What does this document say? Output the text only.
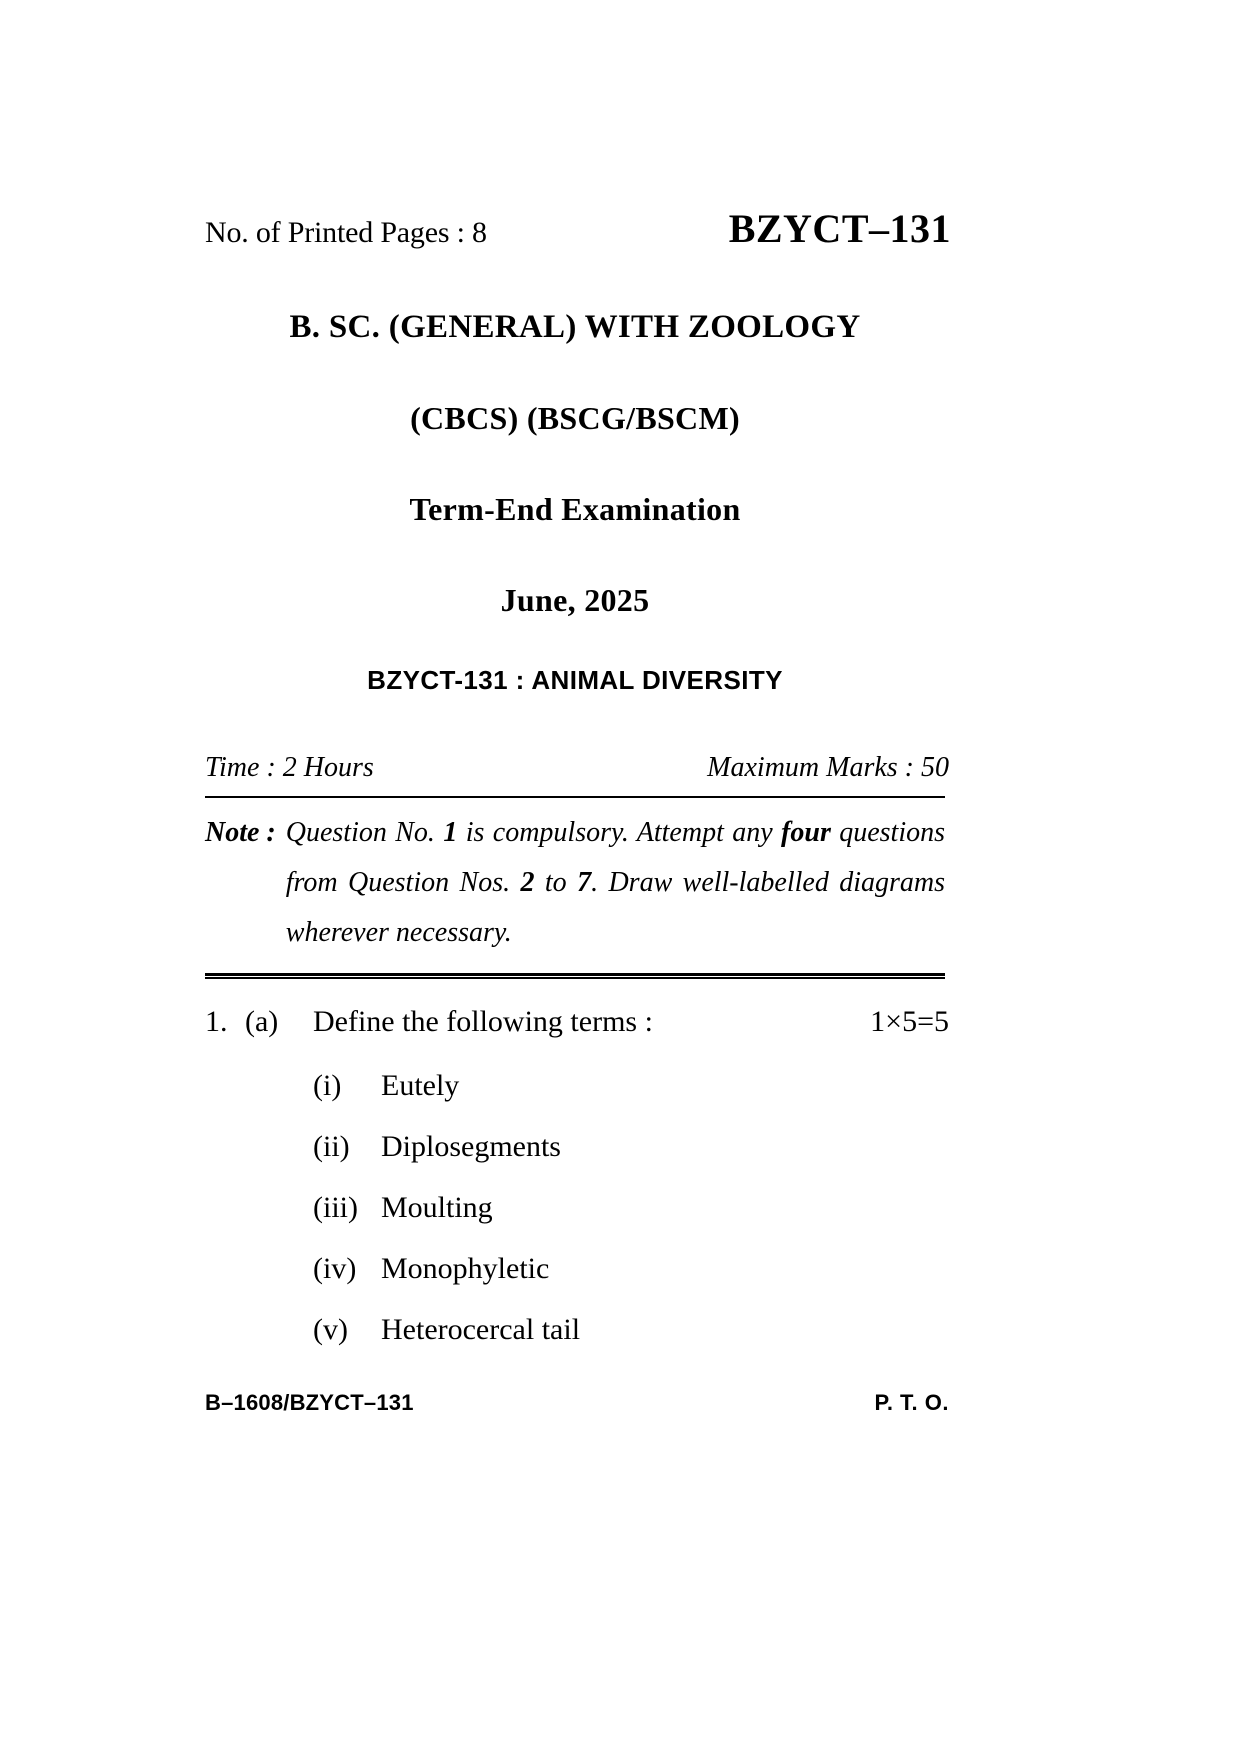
No. of Printed Pages : 8	BZYCT–131
B. SC. (GENERAL) WITH ZOOLOGY
(CBCS) (BSCG/BSCM)
Term-End Examination
June, 2025
BZYCT-131 : ANIMAL DIVERSITY
Time : 2 Hours	Maximum Marks : 50
Note : Question No. 1 is compulsory. Attempt any four questions from Question Nos. 2 to 7. Draw well-labelled diagrams wherever necessary.
1. (a)	Define the following terms :	1×5=5
(i)	Eutely
(ii)	Diplosegments
(iii) Moulting
(iv) Monophyletic
(v)	Heterocercal tail
B–1608/BZYCT–131	P. T. O.
